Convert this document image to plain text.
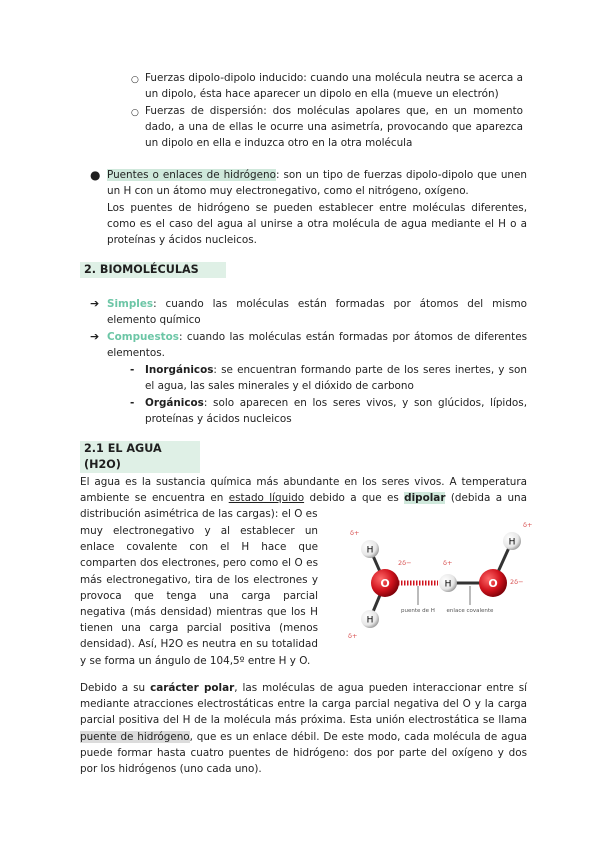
○ Fuerzas dipolo-dipolo inducido: cuando una molécula neutra se acerca a un dipolo, ésta hace aparecer un dipolo en ella (mueve un electrón)
○ Fuerzas de dispersión: dos moléculas apolares que, en un momento dado, a una de ellas le ocurre una asimetría, provocando que aparezca un dipolo en ella e induzca otro en la otra molécula
● Puentes o enlaces de hidrógeno: son un tipo de fuerzas dipolo-dipolo que unen un H con un átomo muy electronegativo, como el nitrógeno, oxígeno.
Los puentes de hidrógeno se pueden establecer entre moléculas diferentes, como es el caso del agua al unirse a otra molécula de agua mediante el H o a proteínas y ácidos nucleicos.
2. BIOMOLÉCULAS
➔ Simples: cuando las moléculas están formadas por átomos del mismo elemento químico
➔ Compuestos: cuando las moléculas están formadas por átomos de diferentes elementos.
- Inorgánicos: se encuentran formando parte de los seres inertes, y son el agua, las sales minerales y el dióxido de carbono
- Orgánicos: solo aparecen en los seres vivos, y son glúcidos, lípidos, proteínas y ácidos nucleicos
2.1 EL AGUA (H2O)
El agua es la sustancia química más abundante en los seres vivos. A temperatura ambiente se encuentra en estado líquido debido a que es dipolar (debida a una distribución asimétrica de las cargas): el O es
muy electronegativo y al establecer un enlace covalente con el H hace que comparten dos electrones, pero como el O es más electronegativo, tira de los electrones y provoca que tenga una carga parcial negativa (más densidad) mientras que los H tienen una carga parcial positiva (menos densidad). Así, H2O es neutra en su totalidad y se forma un ángulo de 104,5º entre H y O.
H
H
O	H	O
H
δ+
δ+
δ+
δ+
2δ−
2δ−
puente de H enlace covalente
Debido a su carácter polar, las moléculas de agua pueden interaccionar entre sí mediante atracciones electrostáticas entre la carga parcial negativa del O y la carga parcial positiva del H de la molécula más próxima. Esta unión electrostática se llama puente de hidrógeno, que es un enlace débil. De este modo, cada molécula de agua puede formar hasta cuatro puentes de hidrógeno: dos por parte del oxígeno y dos por los hidrógenos (uno cada uno).
